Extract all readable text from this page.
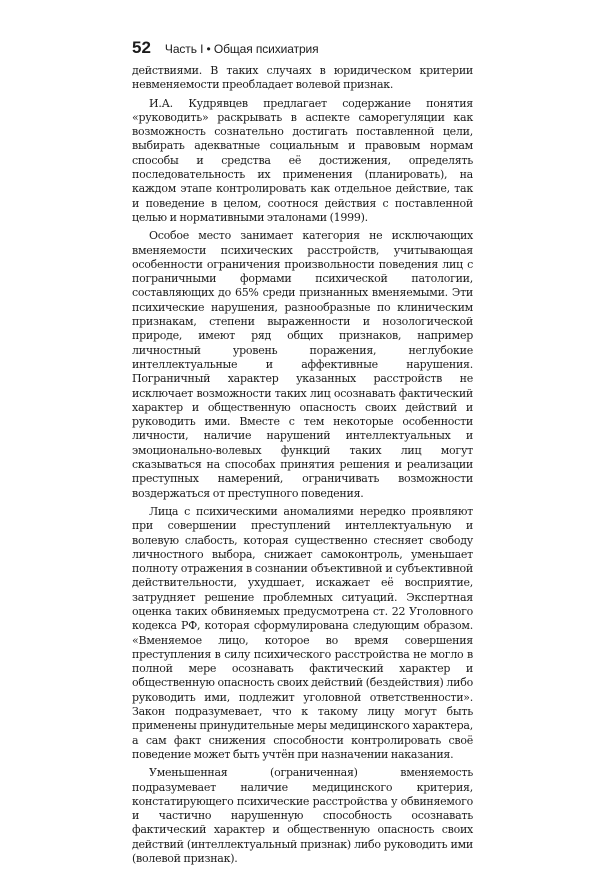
52 Часть I • Общая психиатрия

действиями. В таких случаях в юридическом критерии невменяемости преобладает волевой признак.

И.А. Кудрявцев предлагает содержание понятия «руководить» раскрывать в аспекте саморегуляции как возможность сознательно достигать поставленной цели, выбирать адекватные социальным и правовым нормам способы и средства её достижения, определять последовательность их применения (планировать), на каждом этапе контролировать как отдельное действие, так и поведение в целом, соотнося действия с поставленной целью и нормативными эталонами (1999).

Особое место занимает категория не исключающих вменяемости психических расстройств, учитывающая особенности ограничения произвольности поведения лиц с пограничными формами психической патологии, составляющих до 65% среди признанных вменяемыми. Эти психические нарушения, разнообразные по клиническим признакам, степени выраженности и нозологической природе, имеют ряд общих признаков, например личностный уровень поражения, неглубокие интеллектуальные и аффективные нарушения. Пограничный характер указанных расстройств не исключает возможности таких лиц осознавать фактический характер и общественную опасность своих действий и руководить ими. Вместе с тем некоторые особенности личности, наличие нарушений интеллектуальных и эмоционально-волевых функций таких лиц могут сказываться на способах принятия решения и реализации преступных намерений, ограничивать возможности воздержаться от преступного поведения.

Лица с психическими аномалиями нередко проявляют при совершении преступлений интеллектуальную и волевую слабость, которая существенно стесняет свободу личностного выбора, снижает самоконтроль, уменьшает полноту отражения в сознании объективной и субъективной действительности, ухудшает, искажает её восприятие, затрудняет решение проблемных ситуаций. Экспертная оценка таких обвиняемых предусмотрена ст. 22 Уголовного кодекса РФ, которая сформулирована следующим образом. «Вменяемое лицо, которое во время совершения преступления в силу психического расстройства не могло в полной мере осознавать фактический характер и общественную опасность своих действий (бездействия) либо руководить ими, подлежит уголовной ответственности». Закон подразумевает, что к такому лицу могут быть применены принудительные меры медицинского характера, а сам факт снижения способности контролировать своё поведение может быть учтён при назначении наказания.

Уменьшенная (ограниченная) вменяемость подразумевает наличие медицинского критерия, констатирующего психические расстройства у обвиняемого и частично нарушенную способность осознавать фактический характер и общественную опасность своих действий (интеллектуальный признак) либо руководить ими (волевой признак).
